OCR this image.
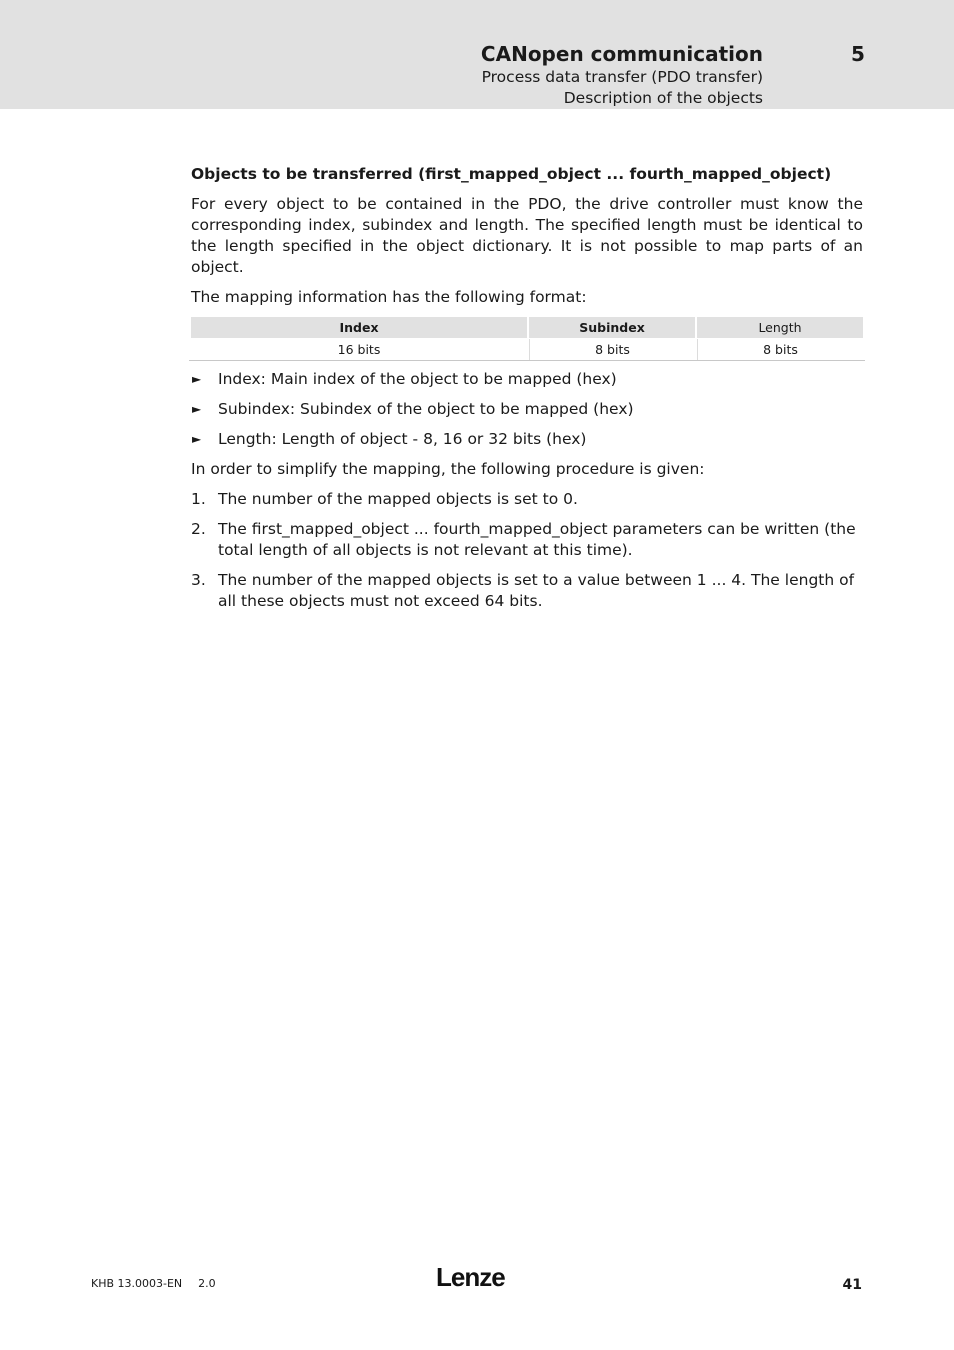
CANopen communication	5
Process data transfer (PDO transfer)
Description of the objects
Objects to be transferred (first_mapped_object ... fourth_mapped_object)

For every object to be contained in the PDO, the drive controller must know the corresponding index, subindex and length. The specified length must be identical to the length specified in the object dictionary. It is not possible to map parts of an object.

The mapping information has the following format:

Index	Subindex	Length
16 bits	8 bits	8 bits
► Index: Main index of the object to be mapped (hex)
► Subindex: Subindex of the object to be mapped (hex)
► Length: Length of object - 8, 16 or 32 bits (hex)

In order to simplify the mapping, the following procedure is given:

1. The number of the mapped objects is set to 0.
2. The first_mapped_object ... fourth_mapped_object parameters can be written (the total length of all objects is not relevant at this time).
3. The number of the mapped objects is set to a value between 1 ... 4. The length of all these objects must not exceed 64 bits.
KHB 13.0003-EN 2.0	Lenze	41
